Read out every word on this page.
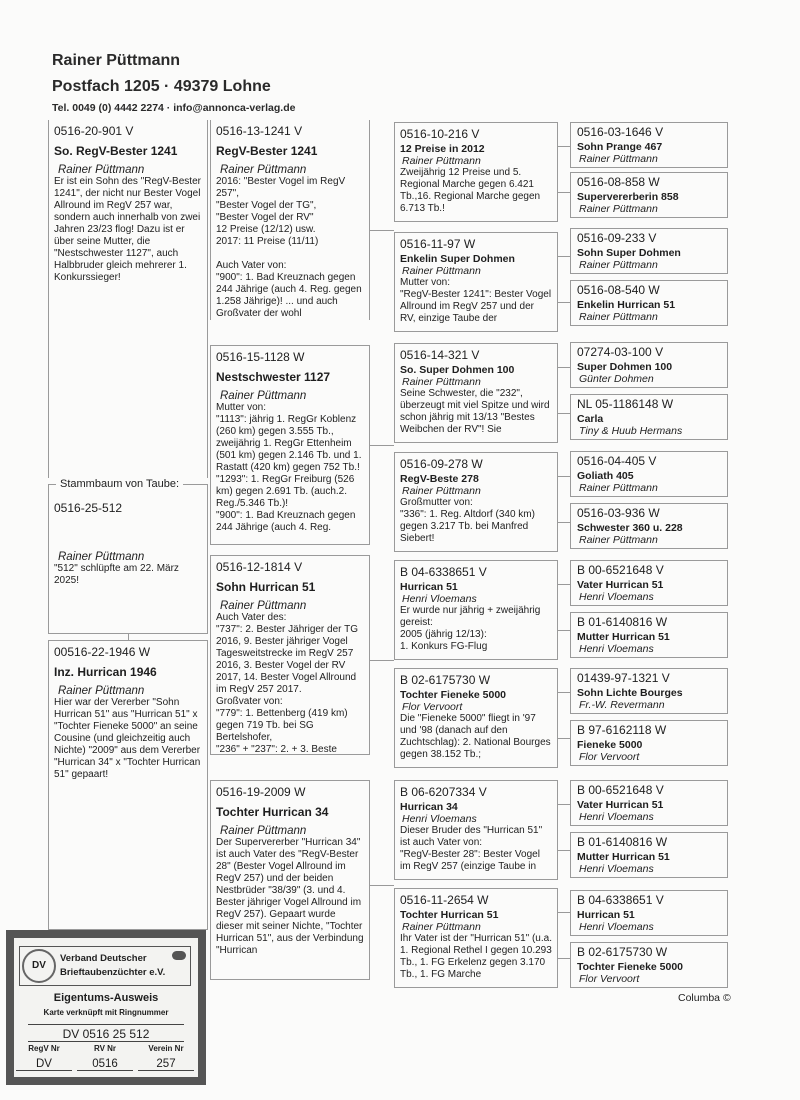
Rainer Püttmann
Postfach 1205 · 49379 Lohne
Tel. 0049 (0) 4442 2274 · info@annonca-verlag.de
0516-20-901 V
So. RegV-Bester 1241
Rainer Püttmann
Er ist ein Sohn des "RegV-Bester 1241", der nicht nur Bester Vogel Allround im RegV 257 war, sondern auch innerhalb von zwei Jahren 23/23 flog! Dazu ist er über seine Mutter, die "Nestschwester 1127", auch Halbbruder gleich mehrerer 1. Konkurssieger!
00516-22-1946 W
Inz. Hurrican 1946
Rainer Püttmann
Hier war der Vererber "Sohn Hurrican 51" aus "Hurrican 51" x "Tochter Fieneke 5000" an seine Cousine (und gleichzeitig auch Nichte) "2009" aus dem Vererber "Hurrican 34" x "Tochter Hurrican 51" gepaart!
0516-13-1241 V
RegV-Bester 1241
Rainer Püttmann
2016: "Bester Vogel im RegV 257",
"Bester Vogel der TG",
"Bester Vogel der RV"
12 Preise (12/12) usw.
2017: 11 Preise (11/11)

Auch Vater von:
"900": 1. Bad Kreuznach gegen 244 Jährige (auch 4. Reg. gegen 1.258 Jährige)! ... und auch Großvater der wohl
0516-15-1128 W
Nestschwester 1127
Rainer Püttmann
Mutter von:
"1113": jährig 1. RegGr Koblenz (260 km) gegen 3.555 Tb., zweijährig 1. RegGr Ettenheim (501 km) gegen 2.146 Tb. und 1. Rastatt (420 km) gegen 752 Tb.!
"1293": 1. RegGr Freiburg (526 km) gegen 2.691 Tb. (auch.2. Reg./5.346 Tb.)!
"900": 1. Bad Kreuznach gegen 244 Jährige (auch 4. Reg.
0516-12-1814 V
Sohn Hurrican 51
Rainer Püttmann
Auch Vater des:
"737": 2. Bester Jähriger der TG 2016, 9. Bester jähriger Vogel Tagesweitstrecke im RegV 257 2016, 3. Bester Vogel der RV 2017, 14. Bester Vogel Allround im RegV 257 2017.
Großvater von:
"779": 1. Bettenberg (419 km) gegen 719 Tb. bei SG Bertelshofer,
"236" + "237": 2. + 3. Beste
0516-19-2009 W
Tochter Hurrican 34
Rainer Püttmann
Der Supervererber "Hurrican 34" ist auch Vater des "RegV-Bester 28" (Bester Vogel Allround im RegV 257) und der beiden Nestbrüder "38/39" (3. und 4. Bester jähriger Vogel Allround im RegV 257). Gepaart wurde dieser mit seiner Nichte, "Tochter Hurrican 51", aus der Verbindung "Hurrican
0516-10-216 V
12 Preise in 2012
Rainer Püttmann
Zweijährig 12 Preise und 5. Regional Marche gegen 6.421 Tb.,16. Regional Marche gegen 6.713 Tb.!
0516-11-97 W
Enkelin Super Dohmen
Rainer Püttmann
Mutter von:
"RegV-Bester 1241": Bester Vogel Allround im RegV 257 und der RV, einzige Taube der
0516-14-321 V
So. Super Dohmen 100
Rainer Püttmann
Seine Schwester, die "232", überzeugt mit viel Spitze und wird schon jährig mit 13/13 "Bestes Weibchen der RV"! Sie
0516-09-278 W
RegV-Beste 278
Rainer Püttmann
Großmutter von:
"336": 1. Reg. Altdorf (340 km) gegen 3.217 Tb. bei Manfred Siebert!
B 04-6338651 V
Hurrican 51
Henri Vloemans
Er wurde nur jährig + zweijährig gereist:
2005 (jährig 12/13):
1. Konkurs FG-Flug
B 02-6175730 W
Tochter Fieneke 5000
Flor Vervoort
Die "Fieneke 5000" fliegt in '97 und '98 (danach auf den Zuchtschlag): 2. National Bourges gegen 38.152 Tb.;
B 06-6207334 V
Hurrican 34
Henri Vloemans
Dieser Bruder des "Hurrican 51" ist auch Vater von:
"RegV-Bester 28": Bester Vogel im RegV 257 (einzige Taube in
0516-11-2654 W
Tochter Hurrican 51
Rainer Püttmann
Ihr Vater ist der "Hurrican 51" (u.a. 1. Regional Rethel I gegen 10.293 Tb., 1. FG Erkelenz gegen 3.170 Tb., 1. FG Marche
0516-03-1646 V
Sohn Prange 467
Rainer Püttmann
0516-08-858 W
Supervererberin 858
Rainer Püttmann
0516-09-233 V
Sohn Super Dohmen
Rainer Püttmann
0516-08-540 W
Enkelin Hurrican 51
Rainer Püttmann
07274-03-100 V
Super Dohmen 100
Günter Dohmen
NL 05-1186148 W
Carla
Tiny & Huub Hermans
0516-04-405 V
Goliath 405
Rainer Püttmann
0516-03-936 W
Schwester 360 u. 228
Rainer Püttmann
B 00-6521648 V
Vater Hurrican 51
Henri Vloemans
B 01-6140816 W
Mutter Hurrican 51
Henri Vloemans
01439-97-1321 V
Sohn Lichte Bourges
Fr.-W. Revermann
B 97-6162118 W
Fieneke 5000
Flor Vervoort
B 00-6521648 V
Vater Hurrican 51
Henri Vloemans
B 01-6140816 W
Mutter Hurrican 51
Henri Vloemans
B 04-6338651 V
Hurrican 51
Henri Vloemans
B 02-6175730 W
Tochter Fieneke 5000
Flor Vervoort
0516-25-512
Rainer Püttmann
"512" schlüpfte am 22. März 2025!
Stammbaum von Taube:
Columba ©
DV
Verband Deutscher
Brieftaubenzüchter e.V.
Eigentums-Ausweis
Karte verknüpft mit Ringnummer
DV 0516 25 512
RegV Nr	RV Nr	Verein Nr
DV	0516	257
